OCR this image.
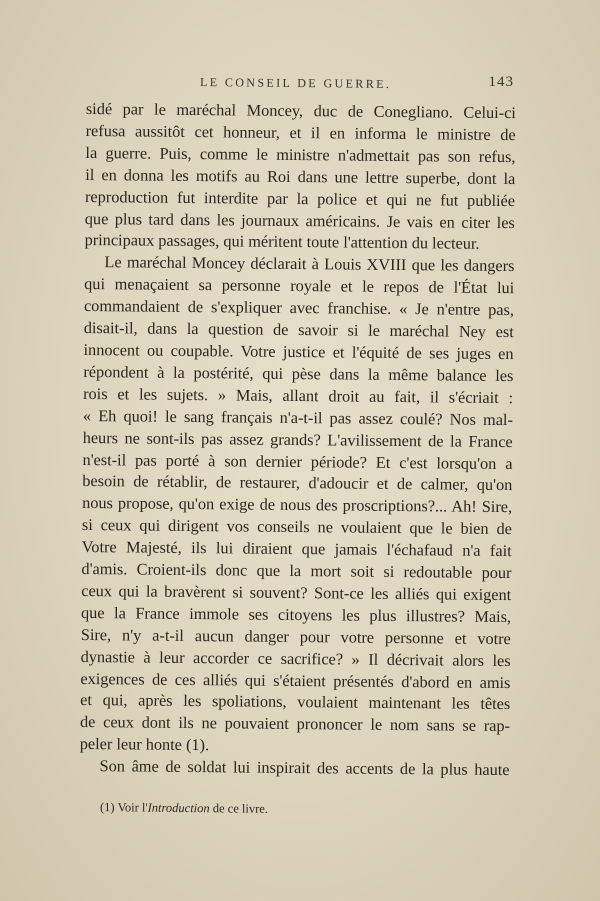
LE CONSEIL DE GUERRE.	143
sidé par le maréchal Moncey, duc de Conegliano. Celui-ci
refusa aussitôt cet honneur, et il en informa le ministre de
la guerre. Puis, comme le ministre n'admettait pas son refus,
il en donna les motifs au Roi dans une lettre superbe, dont la
reproduction fut interdite par la police et qui ne fut publiée
que plus tard dans les journaux américains. Je vais en citer les
principaux passages, qui méritent toute l'attention du lecteur.
Le maréchal Moncey déclarait à Louis XVIII que les dangers
qui menaçaient sa personne royale et le repos de l'État lui
commandaient de s'expliquer avec franchise. « Je n'entre pas,
disait-il, dans la question de savoir si le maréchal Ney est
innocent ou coupable. Votre justice et l'équité de ses juges en
répondent à la postérité, qui pèse dans la même balance les
rois et les sujets. » Mais, allant droit au fait, il s'écriait :
« Eh quoi! le sang français n'a-t-il pas assez coulé? Nos mal-
heurs ne sont-ils pas assez grands? L'avilissement de la France
n'est-il pas porté à son dernier période? Et c'est lorsqu'on a
besoin de rétablir, de restaurer, d'adoucir et de calmer, qu'on
nous propose, qu'on exige de nous des proscriptions?... Ah! Sire,
si ceux qui dirigent vos conseils ne voulaient que le bien de
Votre Majesté, ils lui diraient que jamais l'échafaud n'a fait
d'amis. Croient-ils donc que la mort soit si redoutable pour
ceux qui la bravèrent si souvent? Sont-ce les alliés qui exigent
que la France immole ses citoyens les plus illustres? Mais,
Sire, n'y a-t-il aucun danger pour votre personne et votre
dynastie à leur accorder ce sacrifice? » Il décrivait alors les
exigences de ces alliés qui s'étaient présentés d'abord en amis
et qui, après les spoliations, voulaient maintenant les têtes
de ceux dont ils ne pouvaient prononcer le nom sans se rap-
peler leur honte (1).
Son âme de soldat lui inspirait des accents de la plus haute
(1) Voir l'Introduction de ce livre.
